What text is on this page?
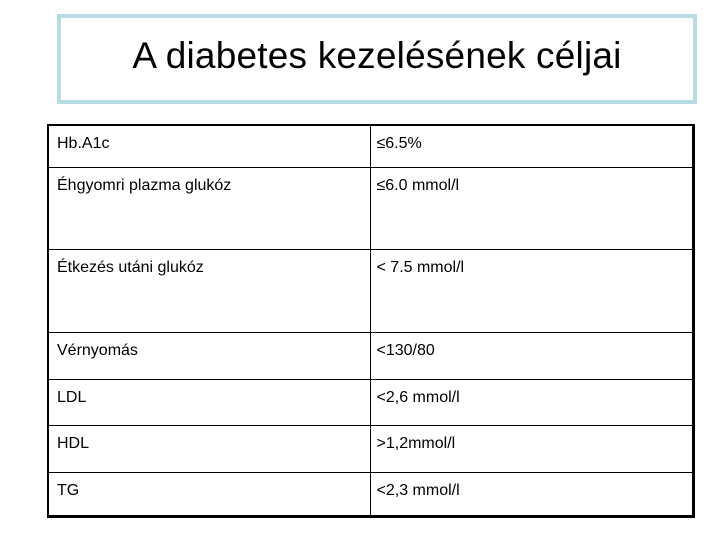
A diabetes kezelésének céljai
Hb.A1c	≤6.5%
Éhgyomri plazma glukóz	≤6.0 mmol/l
Étkezés utáni glukóz	< 7.5 mmol/l
Vérnyomás	<130/80
LDL	<2,6 mmol/l
HDL	>1,2mmol/l
TG	<2,3 mmol/l
